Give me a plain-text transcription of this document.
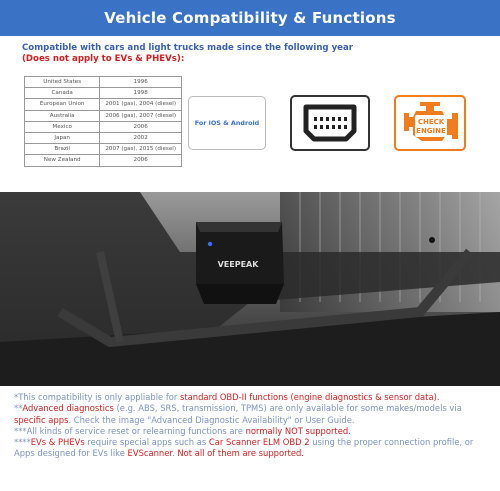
Vehicle Compatibility & Functions
Compatible with cars and light trucks made since the following year
(Does not apply to EVs & PHEVs):
United States	1996
Canada	1998
European Union	2001 (gas), 2004 (diesel)
Australia	2006 (gas), 2007 (diesel)
Mexico	2006
Japan	2002
Brazil	2007 (gas), 2015 (diesel)
New Zealand	2006
For iOS & Android	CHECK
ENGINE
VEEPEAK

*This compatibility is only appliable for standard OBD-II functions (engine diagnostics & sensor data).

**Advanced diagnostics (e.g. ABS, SRS, transmission, TPMS) are only available for some makes/models via specific apps. Check the image "Advanced Diagnostic Availability" or User Guide.

***All kinds of service reset or relearning functions are normally NOT supported.

****EVs & PHEVs require special apps such as Car Scanner ELM OBD 2 using the proper connection profile, or Apps designed for EVs like EVScanner. Not all of them are supported.
